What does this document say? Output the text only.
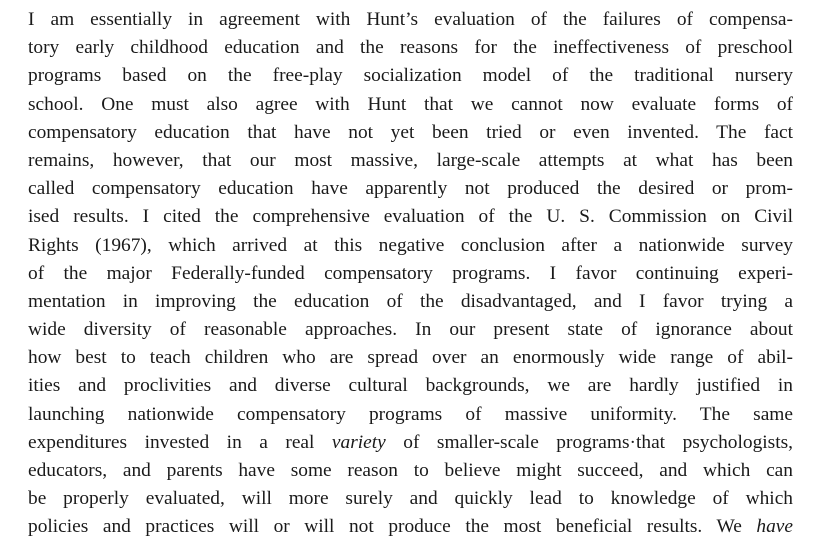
I am essentially in agreement with Hunt’s evaluation of the failures of compensa-
tory early childhood education and the reasons for the ineffectiveness of preschool
programs based on the free-play socialization model of the traditional nursery
school. One must also agree with Hunt that we cannot now evaluate forms of
compensatory education that have not yet been tried or even invented. The fact
remains, however, that our most massive, large-scale attempts at what has been
called compensatory education have apparently not produced the desired or prom-
ised results. I cited the comprehensive evaluation of the U. S. Commission on Civil
Rights (1967), which arrived at this negative conclusion after a nationwide survey
of the major Federally-funded compensatory programs. I favor continuing experi-
mentation in improving the education of the disadvantaged, and I favor trying a
wide diversity of reasonable approaches. In our present state of ignorance about
how best to teach children who are spread over an enormously wide range of abil-
ities and proclivities and diverse cultural backgrounds, we are hardly justified in
launching nationwide compensatory programs of massive uniformity. The same
expenditures invested in a real variety of smaller-scale programs·that psychologists,
educators, and parents have some reason to believe might succeed, and which can
be properly evaluated, will more surely and quickly lead to knowledge of which
policies and practices will or will not produce the most beneficial results. We have
